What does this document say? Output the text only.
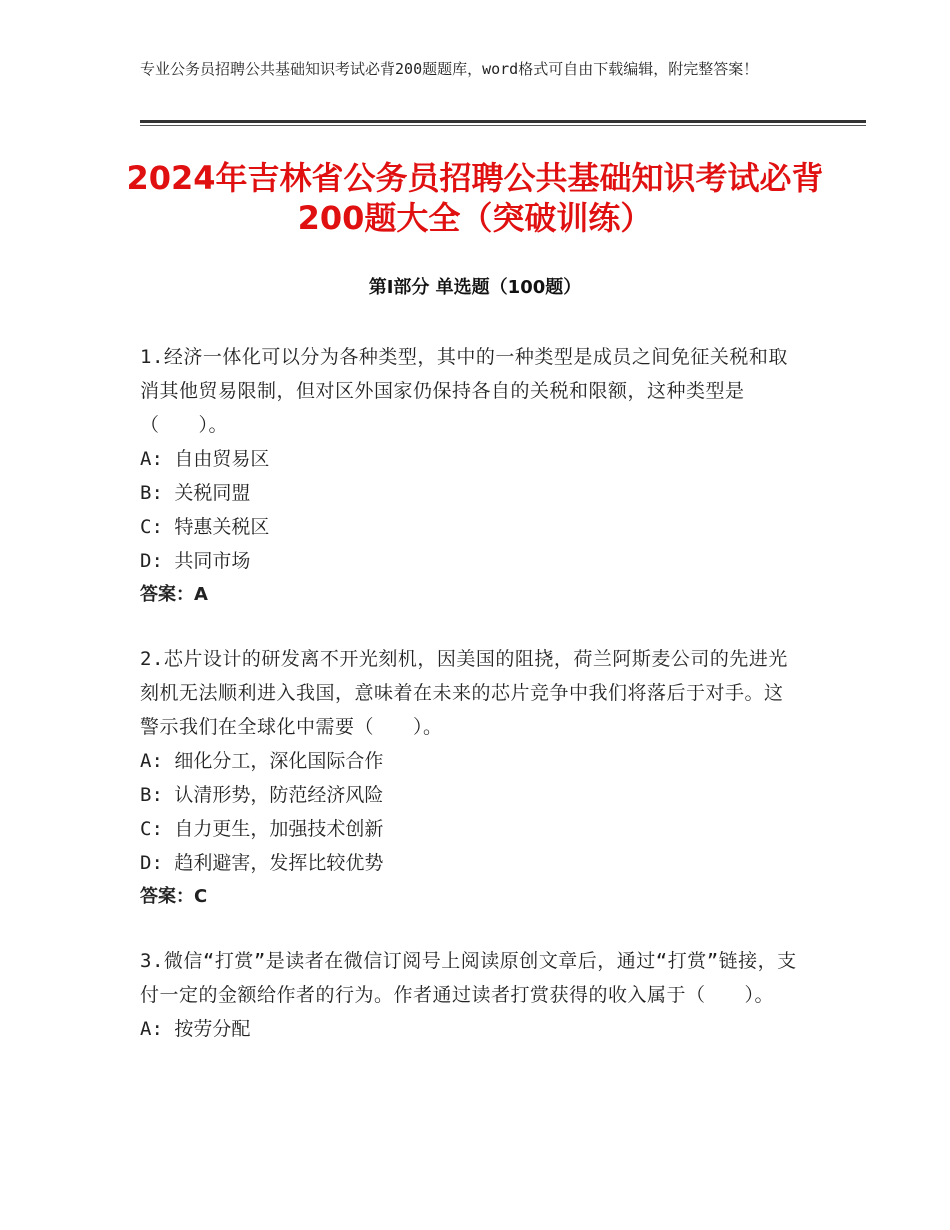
专业公务员招聘公共基础知识考试必背200题题库，word格式可自由下载编辑，附完整答案！
2024年吉林省公务员招聘公共基础知识考试必背200题大全（突破训练）
第Ⅰ部分 单选题（100题）
1.经济一体化可以分为各种类型，其中的一种类型是成员之间免征关税和取消其他贸易限制，但对区外国家仍保持各自的关税和限额，这种类型是（　　）。
A: 自由贸易区
B: 关税同盟
C: 特惠关税区
D: 共同市场
答案：A
2.芯片设计的研发离不开光刻机，因美国的阻挠，荷兰阿斯麦公司的先进光刻机无法顺利进入我国，意味着在未来的芯片竞争中我们将落后于对手。这警示我们在全球化中需要（　　）。
A: 细化分工，深化国际合作
B: 认清形势，防范经济风险
C: 自力更生，加强技术创新
D: 趋利避害，发挥比较优势
答案：C
3.微信“打赏”是读者在微信订阅号上阅读原创文章后，通过“打赏”链接，支付一定的金额给作者的行为。作者通过读者打赏获得的收入属于（　　）。
A: 按劳分配
